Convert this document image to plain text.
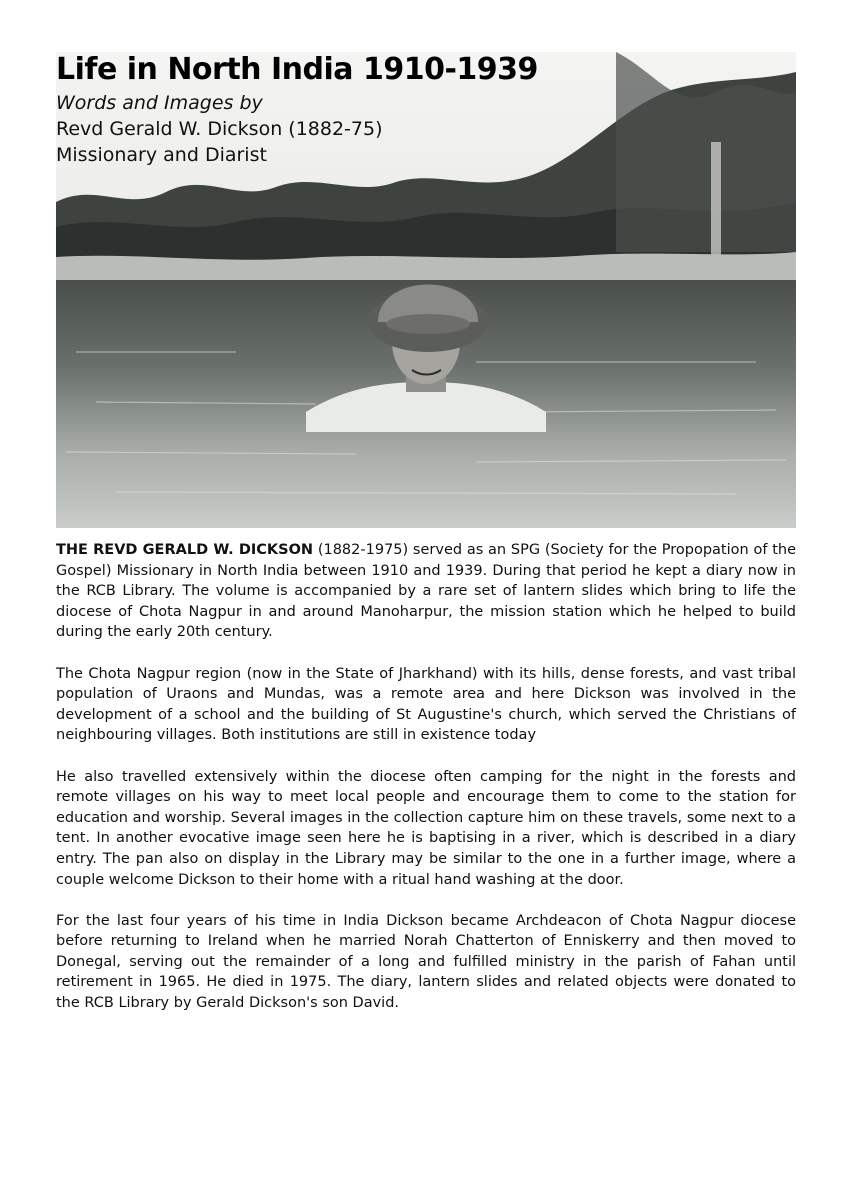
Life in North India 1910-1939
Words and Images by
Revd Gerald W. Dickson (1882-75)
Missionary and Diarist

THE REVD GERALD W. DICKSON (1882-1975) served as an SPG (Society for the Propopation of the Gospel) Missionary in North India between 1910 and 1939. During that period he kept a diary now in the RCB Library. The volume is accompanied by a rare set of lantern slides which bring to life the diocese of Chota Nagpur in and around Manoharpur, the mission station which he helped to build during the early 20th century.

The Chota Nagpur region (now in the State of Jharkhand) with its hills, dense forests, and vast tribal population of Uraons and Mundas, was a remote area and here Dickson was involved in the development of a school and the building of St Augustine's church, which served the Christians of neighbouring villages. Both institutions are still in existence today

He also travelled extensively within the diocese often camping for the night in the forests and remote villages on his way to meet local people and encourage them to come to the station for education and worship. Several images in the collection capture him on these travels, some next to a tent. In another evocative image seen here he is baptising in a river, which is described in a diary entry. The pan also on display in the Library may be similar to the one in a further image, where a couple welcome Dickson to their home with a ritual hand washing at the door.

For the last four years of his time in India Dickson became Archdeacon of Chota Nagpur diocese before returning to Ireland when he married Norah Chatterton of Enniskerry and then moved to Donegal, serving out the remainder of a long and fulfilled ministry in the parish of Fahan until retirement in 1965. He died in 1975. The diary, lantern slides and related objects were donated to the RCB Library by Gerald Dickson's son David.
